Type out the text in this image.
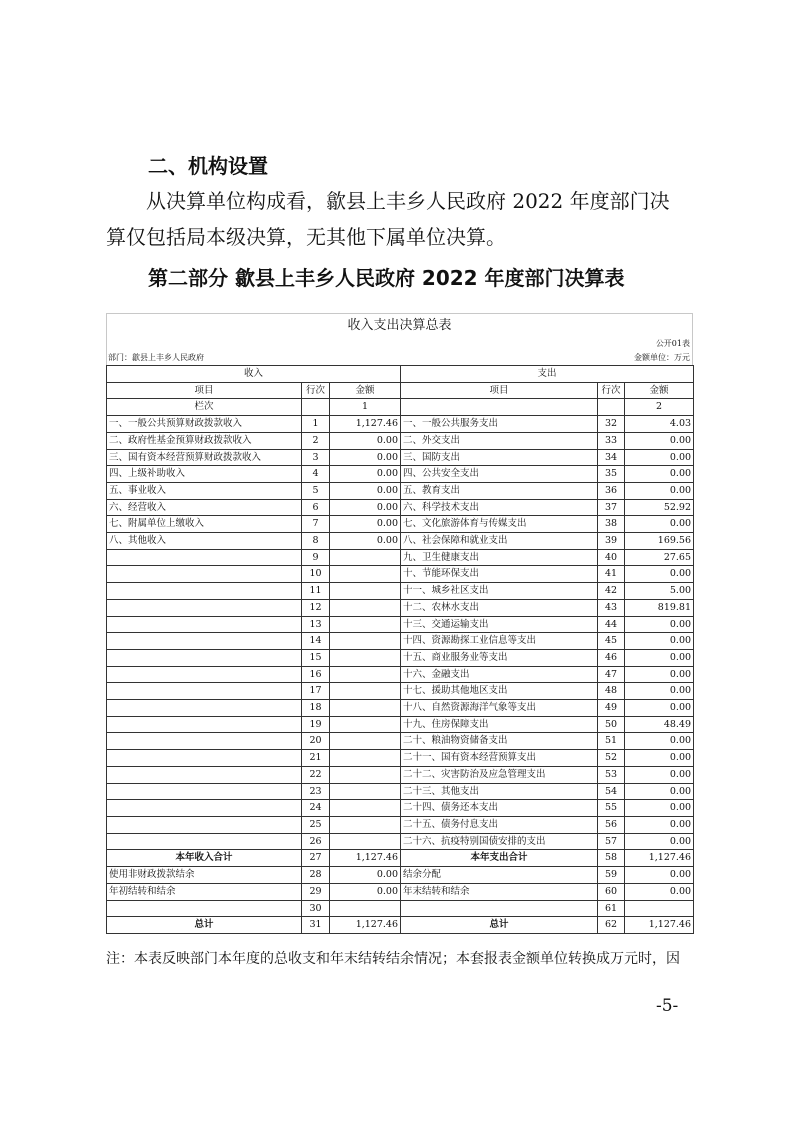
二、机构设置

从决算单位构成看，歙县上丰乡人民政府 2022 年度部门决

算仅包括局本级决算，无其他下属单位决算。

第二部分 歙县上丰乡人民政府 2022 年度部门决算表
收入支出决算总表
公开01表
部门：歙县上丰乡人民政府	金额单位：万元
收入			支出		
项目	行次	金额	项目	行次	金额
栏次		1			2
一、一般公共预算财政拨款收入	1	1,127.46	一、一般公共服务支出	32	4.03
二、政府性基金预算财政拨款收入	2	0.00	二、外交支出	33	0.00
三、国有资本经营预算财政拨款收入	3	0.00	三、国防支出	34	0.00
四、上级补助收入	4	0.00	四、公共安全支出	35	0.00
五、事业收入	5	0.00	五、教育支出	36	0.00
六、经营收入	6	0.00	六、科学技术支出	37	52.92
七、附属单位上缴收入	7	0.00	七、文化旅游体育与传媒支出	38	0.00
八、其他收入	8	0.00	八、社会保障和就业支出	39	169.56
	9		九、卫生健康支出	40	27.65
	10		十、节能环保支出	41	0.00
	11		十一、城乡社区支出	42	5.00
	12		十二、农林水支出	43	819.81
	13		十三、交通运输支出	44	0.00
	14		十四、资源勘探工业信息等支出	45	0.00
	15		十五、商业服务业等支出	46	0.00
	16		十六、金融支出	47	0.00
	17		十七、援助其他地区支出	48	0.00
	18		十八、自然资源海洋气象等支出	49	0.00
	19		十九、住房保障支出	50	48.49
	20		二十、粮油物资储备支出	51	0.00
	21		二十一、国有资本经营预算支出	52	0.00
	22		二十二、灾害防治及应急管理支出	53	0.00
	23		二十三、其他支出	54	0.00
	24		二十四、债务还本支出	55	0.00
	25		二十五、债务付息支出	56	0.00
	26		二十六、抗疫特别国债安排的支出	57	0.00
本年收入合计	27	1,127.46	本年支出合计	58	1,127.46
使用非财政拨款结余	28	0.00	结余分配	59	0.00
年初结转和结余	29	0.00	年末结转和结余	60	0.00
	30			61	
总计	31	1,127.46	总计	62	1,127.46

注：本表反映部门本年度的总收支和年末结转结余情况；本套报表金额单位转换成万元时，因

-5-
